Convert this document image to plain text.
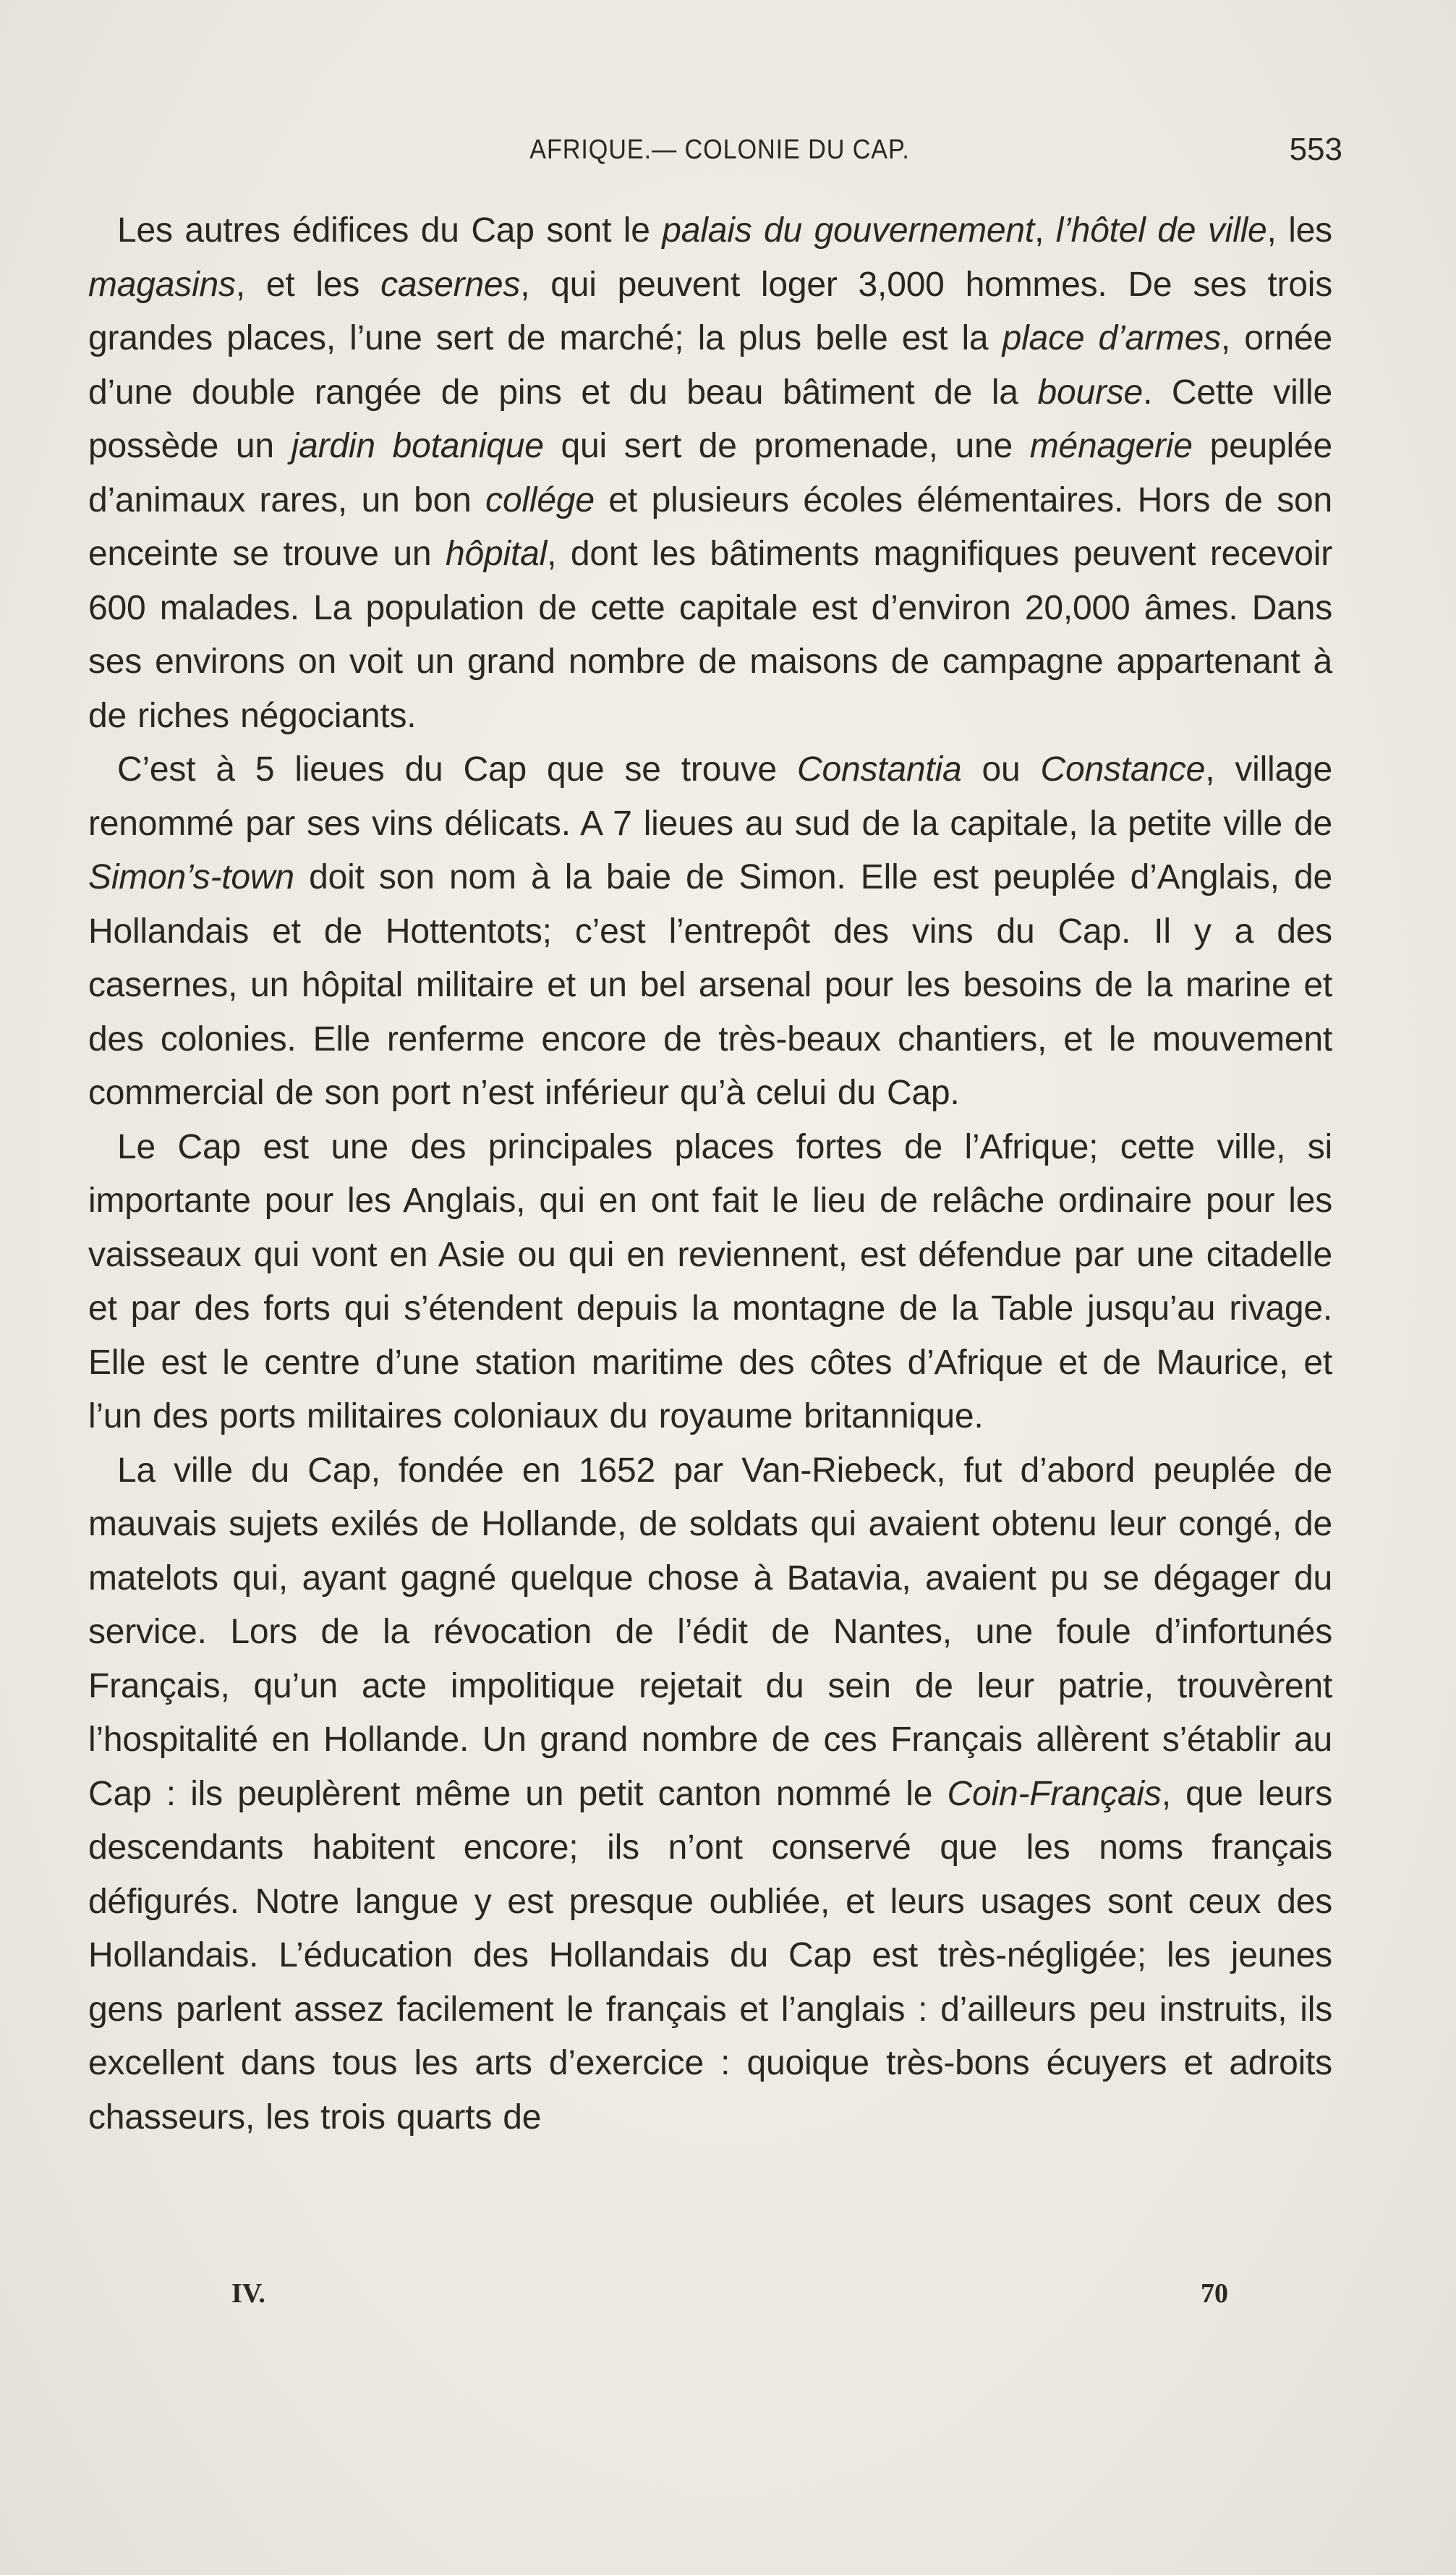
AFRIQUE.— COLONIE DU CAP.	553

Les autres édifices du Cap sont le palais du gouvernement, l’hôtel de ville, les magasins, et les casernes, qui peuvent loger 3,000 hommes. De ses trois grandes places, l’une sert de marché; la plus belle est la place d’armes, ornée d’une double rangée de pins et du beau bâtiment de la bourse. Cette ville possède un jardin botanique qui sert de promenade, une ménagerie peuplée d’animaux rares, un bon collége et plusieurs écoles élémentaires. Hors de son enceinte se trouve un hôpital, dont les bâtiments magnifiques peuvent recevoir 600 malades. La population de cette capitale est d’environ 20,000 âmes. Dans ses environs on voit un grand nombre de maisons de campagne appartenant à de riches négociants.

C’est à 5 lieues du Cap que se trouve Constantia ou Constance, village renommé par ses vins délicats. A 7 lieues au sud de la capitale, la petite ville de Simon’s-town doit son nom à la baie de Simon. Elle est peuplée d’Anglais, de Hollandais et de Hottentots; c’est l’entrepôt des vins du Cap. Il y a des casernes, un hôpital militaire et un bel arsenal pour les besoins de la marine et des colonies. Elle renferme encore de très-beaux chantiers, et le mouvement commercial de son port n’est inférieur qu’à celui du Cap.

Le Cap est une des principales places fortes de l’Afrique; cette ville, si importante pour les Anglais, qui en ont fait le lieu de relâche ordinaire pour les vaisseaux qui vont en Asie ou qui en reviennent, est défendue par une citadelle et par des forts qui s’étendent depuis la montagne de la Table jusqu’au rivage. Elle est le centre d’une station maritime des côtes d’Afrique et de Maurice, et l’un des ports militaires coloniaux du royaume britannique.

La ville du Cap, fondée en 1652 par Van-Riebeck, fut d’abord peuplée de mauvais sujets exilés de Hollande, de soldats qui avaient obtenu leur congé, de matelots qui, ayant gagné quelque chose à Batavia, avaient pu se dégager du service. Lors de la révocation de l’édit de Nantes, une foule d’infortunés Français, qu’un acte impolitique rejetait du sein de leur patrie, trouvèrent l’hospitalité en Hollande. Un grand nombre de ces Français allèrent s’établir au Cap : ils peuplèrent même un petit canton nommé le Coin-Français, que leurs descendants habitent encore; ils n’ont conservé que les noms français défigurés. Notre langue y est presque oubliée, et leurs usages sont ceux des Hollandais. L’éducation des Hollandais du Cap est très-négligée; les jeunes gens parlent assez facilement le français et l’anglais : d’ailleurs peu instruits, ils excellent dans tous les arts d’exercice : quoique très-bons écuyers et adroits chasseurs, les trois quarts de

IV.	70
